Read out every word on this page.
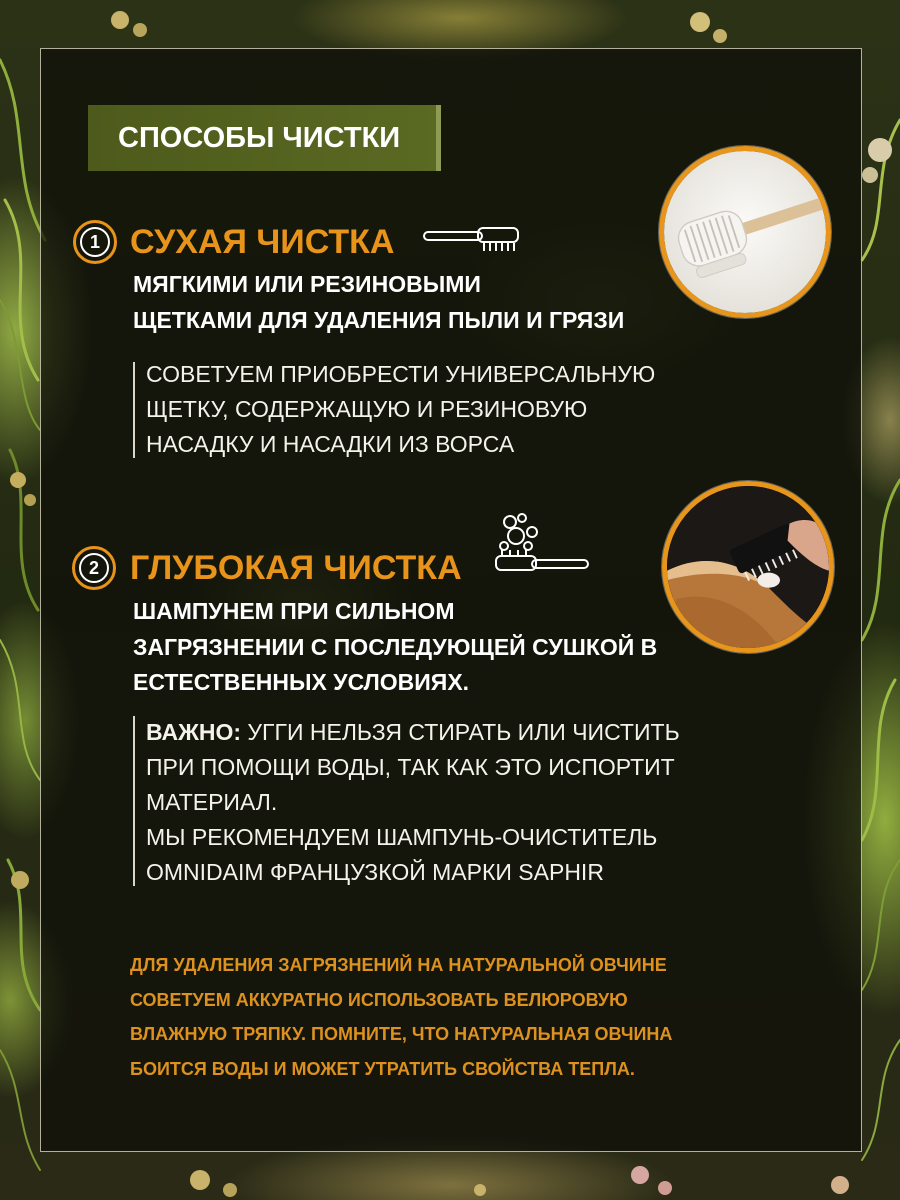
СПОСОБЫ ЧИСТКИ
1 СУХАЯ ЧИСТКА
МЯГКИМИ ИЛИ РЕЗИНОВЫМИ
ЩЕТКАМИ ДЛЯ УДАЛЕНИЯ ПЫЛИ И ГРЯЗИ
СОВЕТУЕМ ПРИОБРЕСТИ УНИВЕРСАЛЬНУЮ
ЩЕТКУ, СОДЕРЖАЩУЮ И РЕЗИНОВУЮ
НАСАДКУ И НАСАДКИ ИЗ ВОРСА
2 ГЛУБОКАЯ ЧИСТКА
ШАМПУНЕМ ПРИ СИЛЬНОМ
ЗАГРЯЗНЕНИИ С ПОСЛЕДУЮЩЕЙ СУШКОЙ В
ЕСТЕСТВЕННЫХ УСЛОВИЯХ.
ВАЖНО: УГГИ НЕЛЬЗЯ СТИРАТЬ ИЛИ ЧИСТИТЬ
ПРИ ПОМОЩИ ВОДЫ, ТАК КАК ЭТО ИСПОРТИТ
МАТЕРИАЛ.
МЫ РЕКОМЕНДУЕМ ШАМПУНЬ-ОЧИСТИТЕЛЬ
OMNIDAIM ФРАНЦУЗКОЙ МАРКИ SAPHIR
ДЛЯ УДАЛЕНИЯ ЗАГРЯЗНЕНИЙ НА НАТУРАЛЬНОЙ ОВЧИНЕ
СОВЕТУЕМ АККУРАТНО ИСПОЛЬЗОВАТЬ ВЕЛЮРОВУЮ
ВЛАЖНУЮ ТРЯПКУ. ПОМНИТЕ, ЧТО НАТУРАЛЬНАЯ ОВЧИНА
БОИТСЯ ВОДЫ И МОЖЕТ УТРАТИТЬ СВОЙСТВА ТЕПЛА.
